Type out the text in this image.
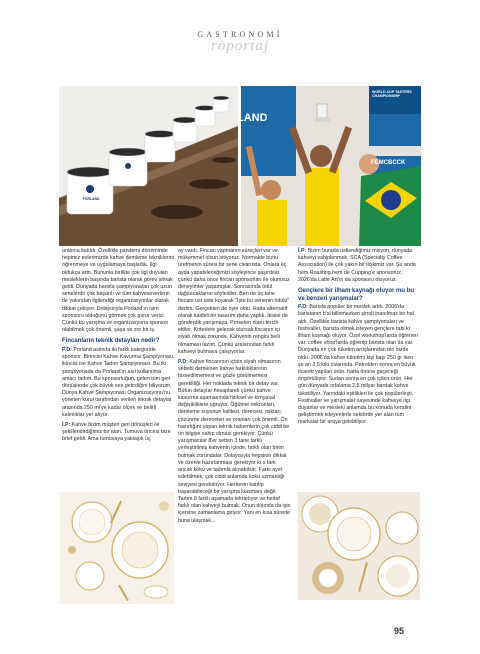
GASTRONOMİ
röportaj
PORLAND
LAND
WORLD CUP TASTERS CHAMPIONSHIP
FEMCBCCK

arasına katıldı. Özellikle pandemi döneminde hepimiz evlerimizde kahve demleme tekniklerini öğrenmeye ve uygulamaya başladık. İlgi oldukça arttı. Bununla birlikte çok ilgi duyulan mesleklerin başında barista olarak görev almak geldi. Dünyada barista şampiyonaları çok uzun senelerdir çok başarılı ve tüm kahveseverlerin de yakından ilgilendiği organizasyonlar olarak dikkat çekiyor. Dolayısıyla Porland'ın isim sponsoru olduğunu görmek çok gurur verici. Çünkü bu yarışma ve organizasyona sponsor olabilmek çok önemli, şaşa ve zor bir iş.

Fincanların teknik detayları nedir?

P.D: Porland aslında iki farklı kategoride sponsor. Birincisi Kahve Kavurma Şampiyonası, ikincisi ise Kahve Tadım Şampiyonası. Bu iki şampiyonada da Porland'ın asıl kullanılma amacı tadım. Bu sponsorluğun, gelen tüm geri dönüşlerde çok büyük ses getirdiğini biliyorum. Dünya Kahve Şampiyonası Organizasyonu'nu yöneten kurul tarafından verilen teknik detaylar arasında 250 ml'ye kadar ölçek ve belirli kalınlıklar yer alıyor.

İ.P: Kahve bizim müşteri geri dönüşleri ile şekillendirdiğimiz bir alan. Tumuva öncesi bize brief geldi. Ama tumuvaya yaklaşık üç

ay vardı. Fincan yapmanın süreçleri var ve mükemmel olsun istiyoruz. Normalde bunu üretmenin süresi bir sene civarında. Onlara üç ayda yapabileceğimizi söyleyince şaşırdılar çünkü daha önce fincan sponsorları ile olumsuz deneyimler yaşamışlar. Sonrasında ödül dağıtacaklarını söylediler. Ben de üç tane fincanı üst üste koyarak "İşte bu senenin ödülü" dedim. Gerçekten de öyle oldu. Hatta alternatif olarak kaideli bir tasarım daha yaptık. İkisini de gönderdik yarışmaya. Porselen olanı tercih ettiler. Kriterlere gelecek olursak fincanın içi siyah olmak zorunda. Kahvenin rengini belli olmaması lazım. Çünkü aralarından farklı kahveyi bulmaya çalışıyorlar.

P.D: Kahve fincanının içinin siyah olmasının sebebi demlenen kahve farklılıklarının hissedilmemesi ve gözle görülmemesi gerekliliği. Her noktada teknik bir detay var. Bütün detaylar hesaplandı çünkü kahve kavurma aşamasında fiziksel ve kimyasal değişikliklere uğruyor. Öğütme mikronları, demleme suyunun kalitesi, derecesi, miktarı, çözünme dereceleri ve oranları çok önemli. Ön hazırlığını yapan teknik hakemlerin çok ciddi bir ön bilgiye sahip olması gerekiyor. Çünkü yarışmacılar 8'er setten 3 tane farklı yerleştirilmiş kahvenin içinde, farklı olan birini bulmak zorundalar. Dolayısıyla hepsinin dikkat ve özenle hazırlanması gerekiyor ki o fark ancak koku ve tadımla alınabilsin. Farkı ayırt edebilmek, çok ciddi anlamda koku uzmanlığı seviyesi gerektiriyor. Herkesin katılıp başarabileceği bir yarışma klasmanı değil. Tadım 8 farklı aşamada tekrarlıyor ve hedef farklı olan kahveyi bulmak. Onun dışında da işin içersine zamanlama giriyor. Yani en kısa sürede buna ulaşmak...

İ.P: Bizim burada üstlendiğimiz misyon, dünyada kahveyi sahiplenmek. SCA (Specialty Coffee Association) ile çok yakın bir ilişkimiz var. Şu anda hem Roasting hem de Cupping'e sponsoruz. 2026'da Latte Art'ın da sponsoru oluyoruz.

Gençlere bir ilham kaynağı oluyor mu bu ve benzeri yarışmalar?

P.D: Barista popüler bir meslek artık. 2006'da baristanın b'si bilinmezken şimdi inanılmaz bir hal aldı. Özellikle barista kahve şampiyonaları ve festivaller, barista olmak isteyen gençlere tabi ki ilham kaynağı oluyor. Özel workshop'larda öğrenen var, coffee shop'larda öğrenip barista olan da var. Dünyada en çok tüketim artışlarından biri bizde oldu. 2006'da kahve tüketimi kişi başı 250 gr iken şu an 2,5 kilo civarında. Petrolden sonra en büyük ticareti yapılan ürün, hatta önüne geçeceği öngörülüyor. Sudan sonra en çok içilen ürün. Her gün dünyada ortalama 2,5 milyar bardak kahve tüketiliyor. Yarındaki eşitlikleri ile çok popülerleşti. Festivaller ve yarışmalar sayesinde kahveye ilgi duyanlar ve mesleki anlamda bu konuda kendini geliştirmek isteyenlerle sektörde yer alan tüm markalar bir araya gelebiliyor.

95
